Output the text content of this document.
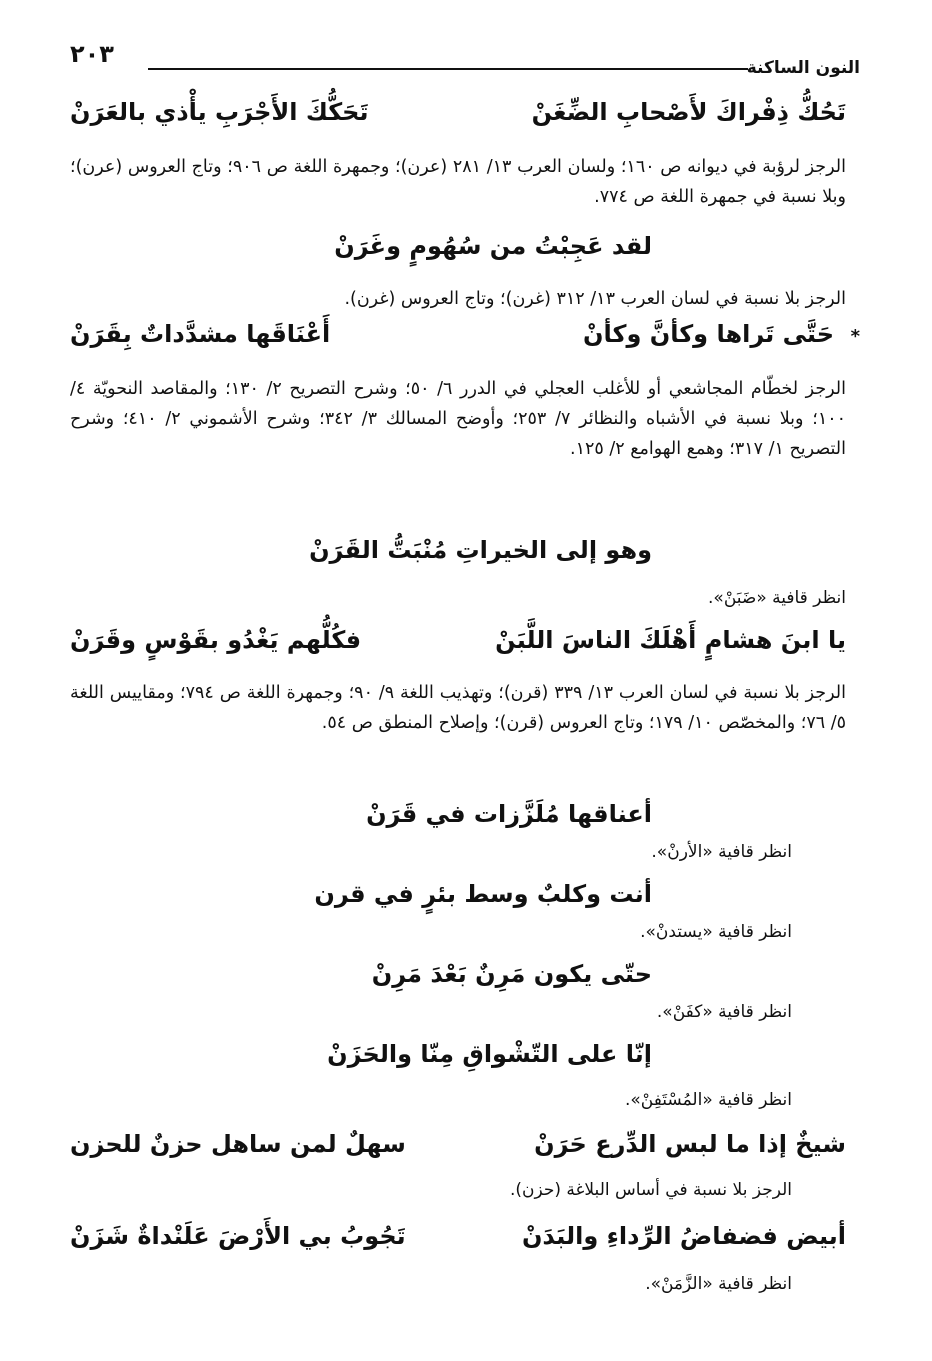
النون الساكنة
٢٠٣
تَحُكُّ ذِفْراكَ لأَصْحابِ الضِّغَنْ
تَحَكُّكَ الأَجْرَبِ يأْذي بالعَرَنْ
الرجز لرؤبة في ديوانه ص ١٦٠؛ ولسان العرب ١٣/ ٢٨١ (عرن)؛ وجمهرة اللغة ص ٩٠٦؛ وتاج العروس (عرن)؛ وبلا نسبة في جمهرة اللغة ص ٧٧٤.
لقد عَجِبْتُ من سُهُومٍ وغَرَنْ
الرجز بلا نسبة في لسان العرب ١٣/ ٣١٢ (غرن)؛ وتاج العروس (غرن).
*
حَتَّى تَراها وكأنَّ وكأنْ
أَعْنَاقَها مشدَّداتٌ بِقَرَنْ
الرجز لخطّام المجاشعي أو للأغلب العجلي في الدرر ٦/ ٥٠؛ وشرح التصريح ٢/ ١٣٠؛ والمقاصد النحويّة ٤/ ١٠٠؛ وبلا نسبة في الأشباه والنظائر ٧/ ٢٥٣؛ وأوضح المسالك ٣/ ٣٤٢؛ وشرح الأشموني ٢/ ٤١٠؛ وشرح التصريح ١/ ٣١٧؛ وهمع الهوامع ٢/ ١٢٥.
وهو إلى الخيراتِ مُنْبَتُّ القَرَنْ
انظر قافية «ضَبَنْ».
يا ابنَ هشامٍ أَهْلَكَ الناسَ اللَّبَنْ
فكُلُّهم يَغْدُو بقَوْسٍ وقَرَنْ
الرجز بلا نسبة في لسان العرب ١٣/ ٣٣٩ (قرن)؛ وتهذيب اللغة ٩/ ٩٠؛ وجمهرة اللغة ص ٧٩٤؛ ومقاييس اللغة ٥/ ٧٦؛ والمخصّص ١٠/ ١٧٩؛ وتاج العروس (قرن)؛ وإصلاح المنطق ص ٥٤.
أعناقها مُلَزَّزات في قَرَنْ
انظر قافية «الأرنْ».
أنت وكلبٌ وسط بئرٍ في قرن
انظر قافية «يستدنْ».
حتّى يكون مَرِنٌ بَعْدَ مَرِنْ
انظر قافية «كفَنْ».
إنّا على التّشْواقِ مِنّا والحَزَنْ
انظر قافية «المُسْتَفِنْ».
شيخٌ إذا ما لبس الدِّرع حَرَنْ
سهلٌ لمن ساهل حزنٌ للحزن
الرجز بلا نسبة في أساس البلاغة (حزن).
أبيض فضفاضُ الرِّداءِ والبَدَنْ
تَجُوبُ بي الأَرْضَ عَلَنْداةٌ شَزَنْ
انظر قافية «الزَّمَنْ».
